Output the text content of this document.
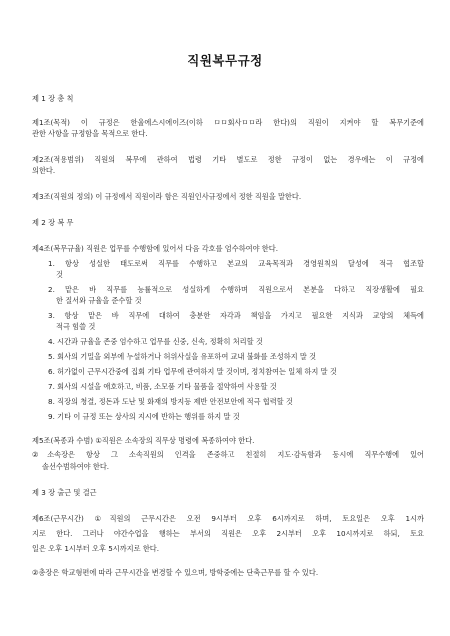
직원복무규정
제 1 장 총 칙
제1조(목적) 이 규정은 한울에스시에이즈(이하 ㅁㅁ회사ㅁㅁ라 한다)의 직원이 지켜야 할 복무기준에
관한 사항을 규정함을 목적으로 한다.
제2조(적용범위) 직원의 복무에 관하여 법령 기타 별도로 정한 규정이 없는 경우에는 이 규정에
의한다.
제3조(직원의 정의) 이 규정에서 직원이라 함은 직원인사규정에서 정한 직원을 말한다.
제 2 장 복 무
제4조(복무규율) 직원은 업무를 수행함에 있어서 다음 각호를 엄수하여야 한다.
1. 항상 성실한 태도로써 직무를 수행하고 본교의 교육목적과 경영원칙의 달성에 적극 협조할
것
2. 맡은 바 직무를 능률적으로 성실하게 수행하며 직원으로서 본분을 다하고 직장생활에 필요
한 질서와 규율을 준수할 것
3. 항상 맡은 바 직무에 대하여 충분한 자각과 책임을 가지고 필요한 지식과 교양의 체득에
적극 힘쓸 것
4. 시간과 규율을 존중 엄수하고 업무를 신중, 신속, 정확히 처리할 것
5. 회사의 기밀을 외부에 누설하거나 허위사실을 유포하여 교내 불화를 조성하지 말 것
6. 허가없이 근무시간중에 집회 기타 업무에 관여하지 말 것이며, 정치참여는 일체 하지 말 것
7. 회사의 시설을 애호하고, 비품, 소모품 기타 물품을 절약하여 사용할 것
8. 직장의 청결, 정돈과 도난 및 화재의 방지등 제반 안전보안에 적극 협력할 것
9. 기타 이 규정 또는 상사의 지시에 반하는 행위를 하지 말 것
제5조(복종과 수범) ①직원은 소속장의 직무상 명령에 복종하여야 한다.
②소속장은 항상 그 소속직원의 인격을 존중하고 친절히 지도·감독함과 동시에 직무수행에 있어
솔선수범하여야 한다.
제 3 장 출근 및 결근
제6조(근무시간) ①직원의 근무시간은 오전 9시부터 오후 6시까지로 하며, 토요일은 오후 1시까
지로 한다. 그러나 야간수업을 행하는 부서의 직원은 오후 2시부터 오후 10시까지로 하되, 토요
일은 오후 1시부터 오후 5시까지로 한다.
②총장은 학교형편에 따라 근무시간을 변경할 수 있으며, 방학중에는 단축근무를 할 수 있다.
